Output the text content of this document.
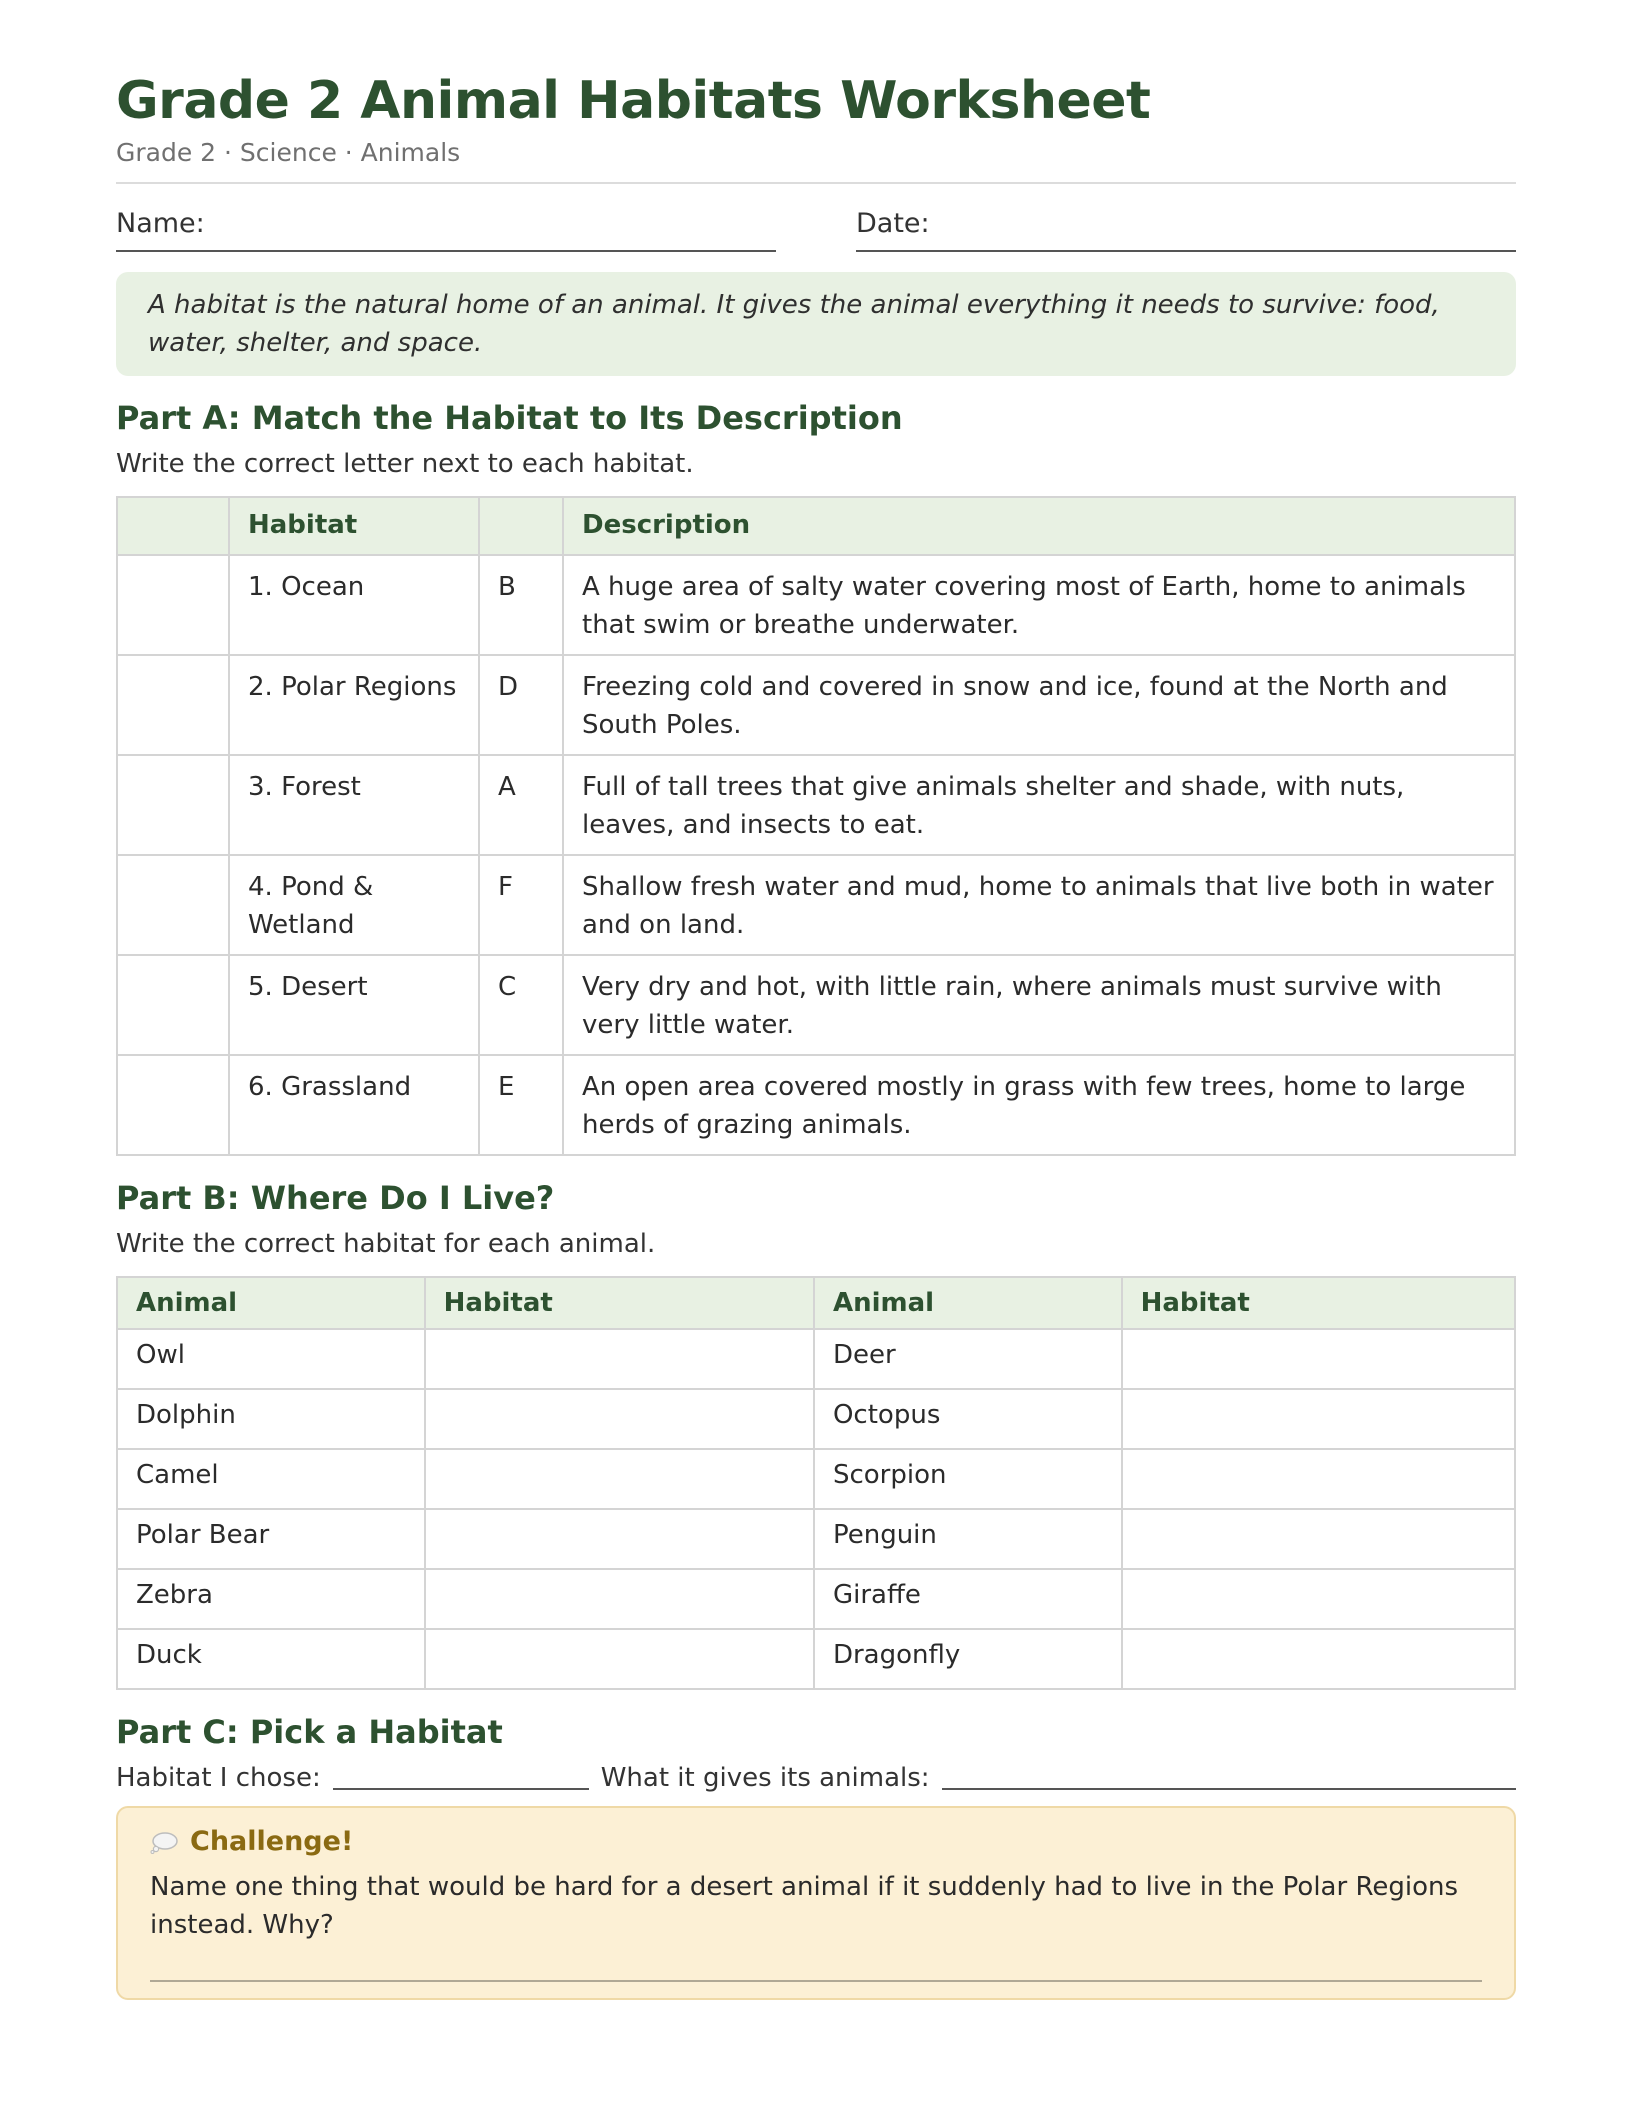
Grade 2 Animal Habitats Worksheet
Grade 2 · Science · Animals
Name:	Date:
A habitat is the natural home of an animal. It gives the animal everything it needs to survive: food, water, shelter, and space.
Part A: Match the Habitat to Its Description
Write the correct letter next to each habitat.
	Habitat		Description
	1. Ocean	B	A huge area of salty water covering most of Earth, home to animals that swim or breathe underwater.
	2. Polar Regions	D	Freezing cold and covered in snow and ice, found at the North and South Poles.
	3. Forest	A	Full of tall trees that give animals shelter and shade, with nuts, leaves, and insects to eat.
	4. Pond & Wetland	F	Shallow fresh water and mud, home to animals that live both in water and on land.
	5. Desert	C	Very dry and hot, with little rain, where animals must survive with very little water.
	6. Grassland	E	An open area covered mostly in grass with few trees, home to large herds of grazing animals.
Part B: Where Do I Live?
Write the correct habitat for each animal.
Animal	Habitat	Animal	Habitat
Owl		Deer	
Dolphin		Octopus	
Camel		Scorpion	
Polar Bear		Penguin	
Zebra		Giraffe	
Duck		Dragonfly	
Part C: Pick a Habitat
Habitat I chose:	What it gives its animals:
Challenge!
Name one thing that would be hard for a desert animal if it suddenly had to live in the Polar Regions instead. Why?
